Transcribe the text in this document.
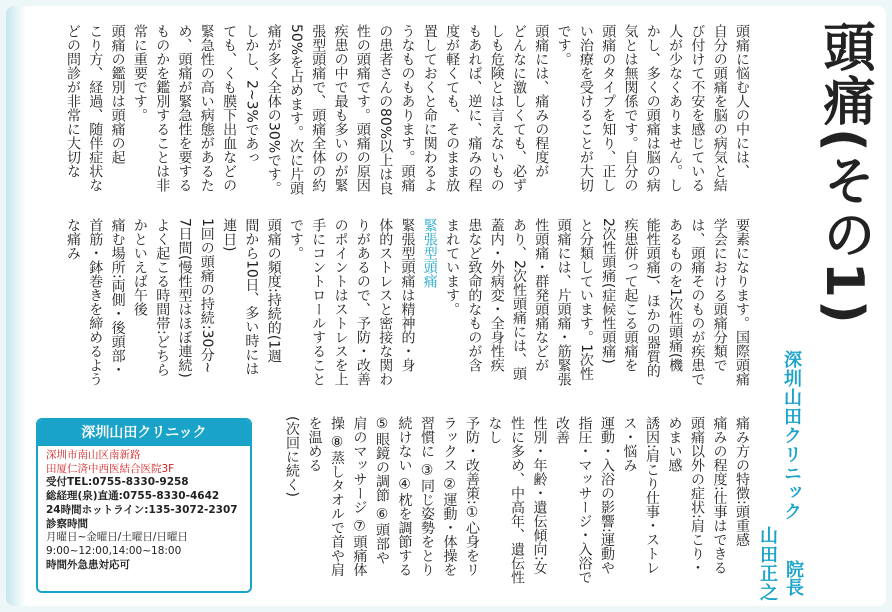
頭痛(その1)
深圳山田クリニック
院長
山田正之
頭痛に悩む人の中には、
自分の頭痛を脳の病気と結
び付けて不安を感じている
人が少なくありません。し
かし、多くの頭痛は脳の病
気とは無関係です。自分の
頭痛のタイプを知り、正し
い治療を受けることが大切
です。
頭痛には、痛みの程度が
どんなに激しくても、必ず
しも危険とは言えないもの
もあれば、逆に、痛みの程
度が軽くても、そのまま放
置しておくと命に関わるよ
うなものもあります。頭痛
の患者さんの80%以上は良
性の頭痛です。頭痛の原因
疾患の中で最も多いのが緊
張型頭痛で、頭痛全体の約
50%を占めます。次に片頭
痛が多く全体の30%です。
しかし、2~3%であっ
ても、くも膜下出血などの
緊急性の高い病態があるた
め、頭痛が緊急性を要する
ものかを鑑別することは非
常に重要です。
頭痛の鑑別は頭痛の起
こり方、経過、随伴症状な
どの問診が非常に大切な
要素になります。国際頭痛
学会における頭痛分類で
は、頭痛そのものが疾患で
あるものを1次性頭痛(機
能性頭痛)、ほかの器質的
疾患併って起こる頭痛を
2次性頭痛(症候性頭痛)
と分類しています。1次性
頭痛には、片頭痛・筋緊張
性頭痛・群発頭痛などが
あり、2次性頭痛には、頭
蓋内・外病変・全身性疾
患など致命的なものが含
まれています。
緊張型頭痛
緊張型頭痛は精神的・身
体的ストレスと密接な関わ
りがあるので、予防・改善
のポイントはストレスを上
手にコントロールすること
です。
頭痛の頻度:持続的(1週
間から10日、多い時には
連日)
1回の頭痛の持続:30分~
7日間(慢性型はほぼ連続)
よく起こる時間帯:どちら
かといえば午後
痛む場所:両側・後頭部・
首筋・鉢巻きを締めるよう
な痛み
痛み方の特徴:頭重感
痛みの程度:仕事はできる
頭痛以外の症状:肩こり・
めまい感
誘因:肩こり仕事・ストレ
ス・悩み
運動・入浴の影響:運動や
指圧・マッサージ・入浴で
改善
性別・年齢・遺伝傾向:女
性に多め、中高年、遺伝性
なし
予防・改善策:①心身をリ
ラックス ②運動・体操を
習慣に ③同じ姿勢をとり
続けない ④枕を調節する
⑤眼鏡の調節 ⑥頭部や
肩のマッサージ ⑦頭痛体
操 ⑧蒸しタオルで首や肩
を温める
(次回に続く)
深圳山田クリニック
深圳市南山区南新路
田厦仁済中西医結合医院3F
受付TEL:0755-8330-9258
総経理(泉)直通:0755-8330-4642
24時間ホットライン:135-3072-2307
診察時間
月曜日~金曜日/土曜日/日曜日
9:00~12:00,14:00~18:00
時間外急患対応可
